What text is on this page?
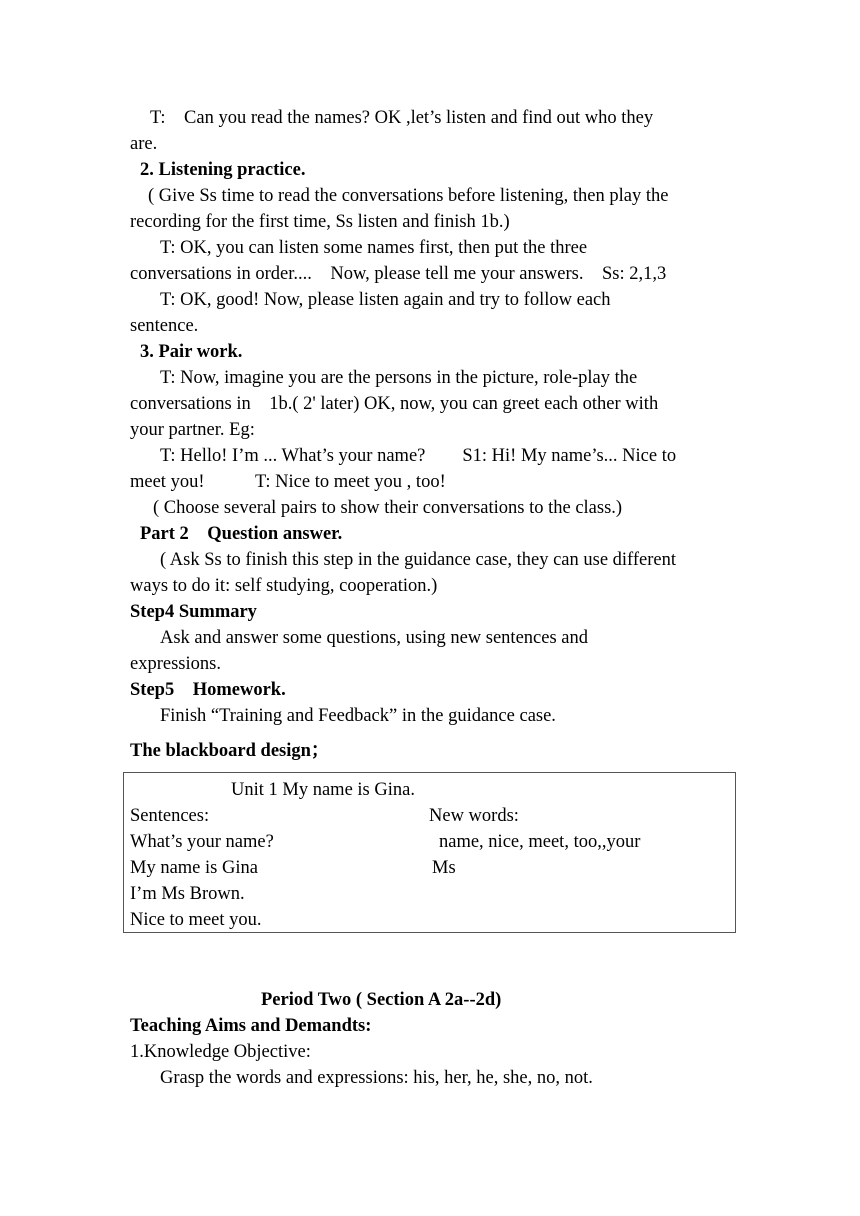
T:    Can you read the names? OK ,let’s listen and find out who they
are.
2. Listening practice.
( Give Ss time to read the conversations before listening, then play the
recording for the first time, Ss listen and finish 1b.)
T: OK, you can listen some names first, then put the three
conversations in order....    Now, please tell me your answers.    Ss: 2,1,3
T: OK, good! Now, please listen again and try to follow each
sentence.
3. Pair work.
T: Now, imagine you are the persons in the picture, role-play the
conversations in    1b.( 2' later) OK, now, you can greet each other with
your partner. Eg:
T: Hello! I’m ... What’s your name?        S1: Hi! My name’s... Nice to
meet you!           T: Nice to meet you , too!
( Choose several pairs to show their conversations to the class.)
Part 2    Question answer.
( Ask Ss to finish this step in the guidance case, they can use different
ways to do it: self studying, cooperation.)
Step4 Summary
Ask and answer some questions, using new sentences and
expressions.
Step5    Homework.
Finish “Training and Feedback” in the guidance case.
The blackboard design；
Unit 1 My name is Gina.
Sentences:	New words:
What’s your name?	name, nice, meet, too,,your
My name is Gina	Ms
I’m Ms Brown.
Nice to meet you.
Period Two ( Section A 2a--2d)
Teaching Aims and Demandts:
1.Knowledge Objective:
Grasp the words and expressions: his, her, he, she, no, not.
